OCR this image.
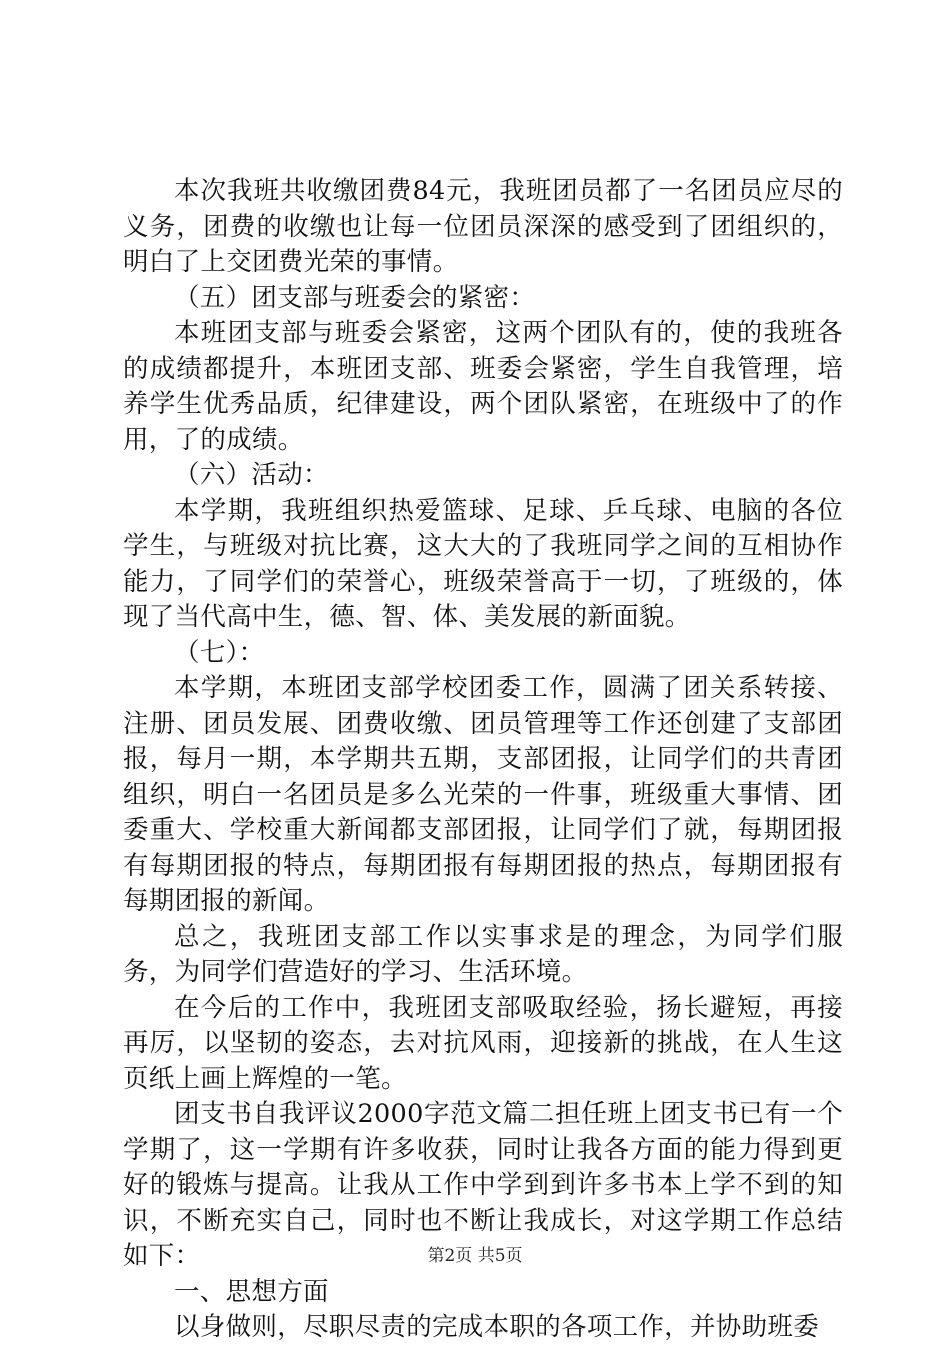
本次我班共收缴团费84元，我班团员都了一名团员应尽的义务，团费的收缴也让每一位团员深深的感受到了团组织的，明白了上交团费光荣的事情。

（五）团支部与班委会的紧密：

本班团支部与班委会紧密，这两个团队有的，使的我班各的成绩都提升，本班团支部、班委会紧密，学生自我管理，培养学生优秀品质，纪律建设，两个团队紧密，在班级中了的作用，了的成绩。

（六）活动：

本学期，我班组织热爱篮球、足球、乒乓球、电脑的各位学生，与班级对抗比赛，这大大的了我班同学之间的互相协作能力，了同学们的荣誉心，班级荣誉高于一切，了班级的，体现了当代高中生，德、智、体、美发展的新面貌。

（七）：

本学期，本班团支部学校团委工作，圆满了团关系转接、注册、团员发展、团费收缴、团员管理等工作还创建了支部团报，每月一期，本学期共五期，支部团报，让同学们的共青团组织，明白一名团员是多么光荣的一件事，班级重大事情、团委重大、学校重大新闻都支部团报，让同学们了就，每期团报有每期团报的特点，每期团报有每期团报的热点，每期团报有每期团报的新闻。

总之，我班团支部工作以实事求是的理念，为同学们服务，为同学们营造好的学习、生活环境。

在今后的工作中，我班团支部吸取经验，扬长避短，再接再厉，以坚韧的姿态，去对抗风雨，迎接新的挑战，在人生这页纸上画上辉煌的一笔。

团支书自我评议2000字范文篇二担任班上团支书已有一个学期了，这一学期有许多收获，同时让我各方面的能力得到更好的锻炼与提高。让我从工作中学到到许多书本上学不到的知识，不断充实自己，同时也不断让我成长，对这学期工作总结如下：

一、思想方面

以身做则，尽职尽责的完成本职的各项工作，并协助班委

第2页 共5页
